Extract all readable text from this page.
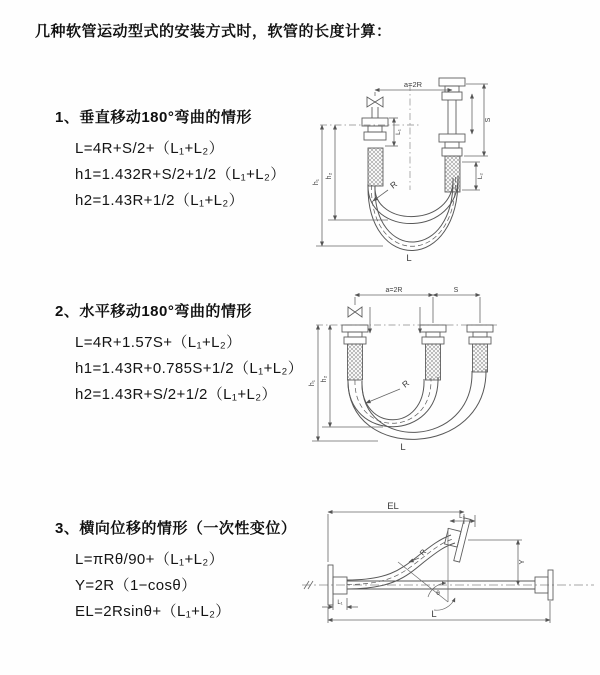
几种软管运动型式的安装方式时，软管的长度计算：
1、垂直移动180°弯曲的情形
L=4R+S/2+（L₁+L₂）
h1=1.432R+S/2+1/2（L₁+L₂）
h2=1.43R+1/2（L₁+L₂）
2、水平移动180°弯曲的情形
L=4R+1.57S+（L₁+L₂）
h1=1.43R+0.785S+1/2（L₁+L₂）
h2=1.43R+S/2+1/2（L₁+L₂）
3、横向位移的情形（一次性变位）
L=πRθ/90+（L₁+L₂）
Y=2R（1−cosθ）
EL=2Rsinθ+（L₁+L₂）
a=2R
h₁
h₂
S
L₂
L₁
R
L
a=2R	S
h₁
h₂	R
L
EL
L₂
Y
L
L₁
R
θ
